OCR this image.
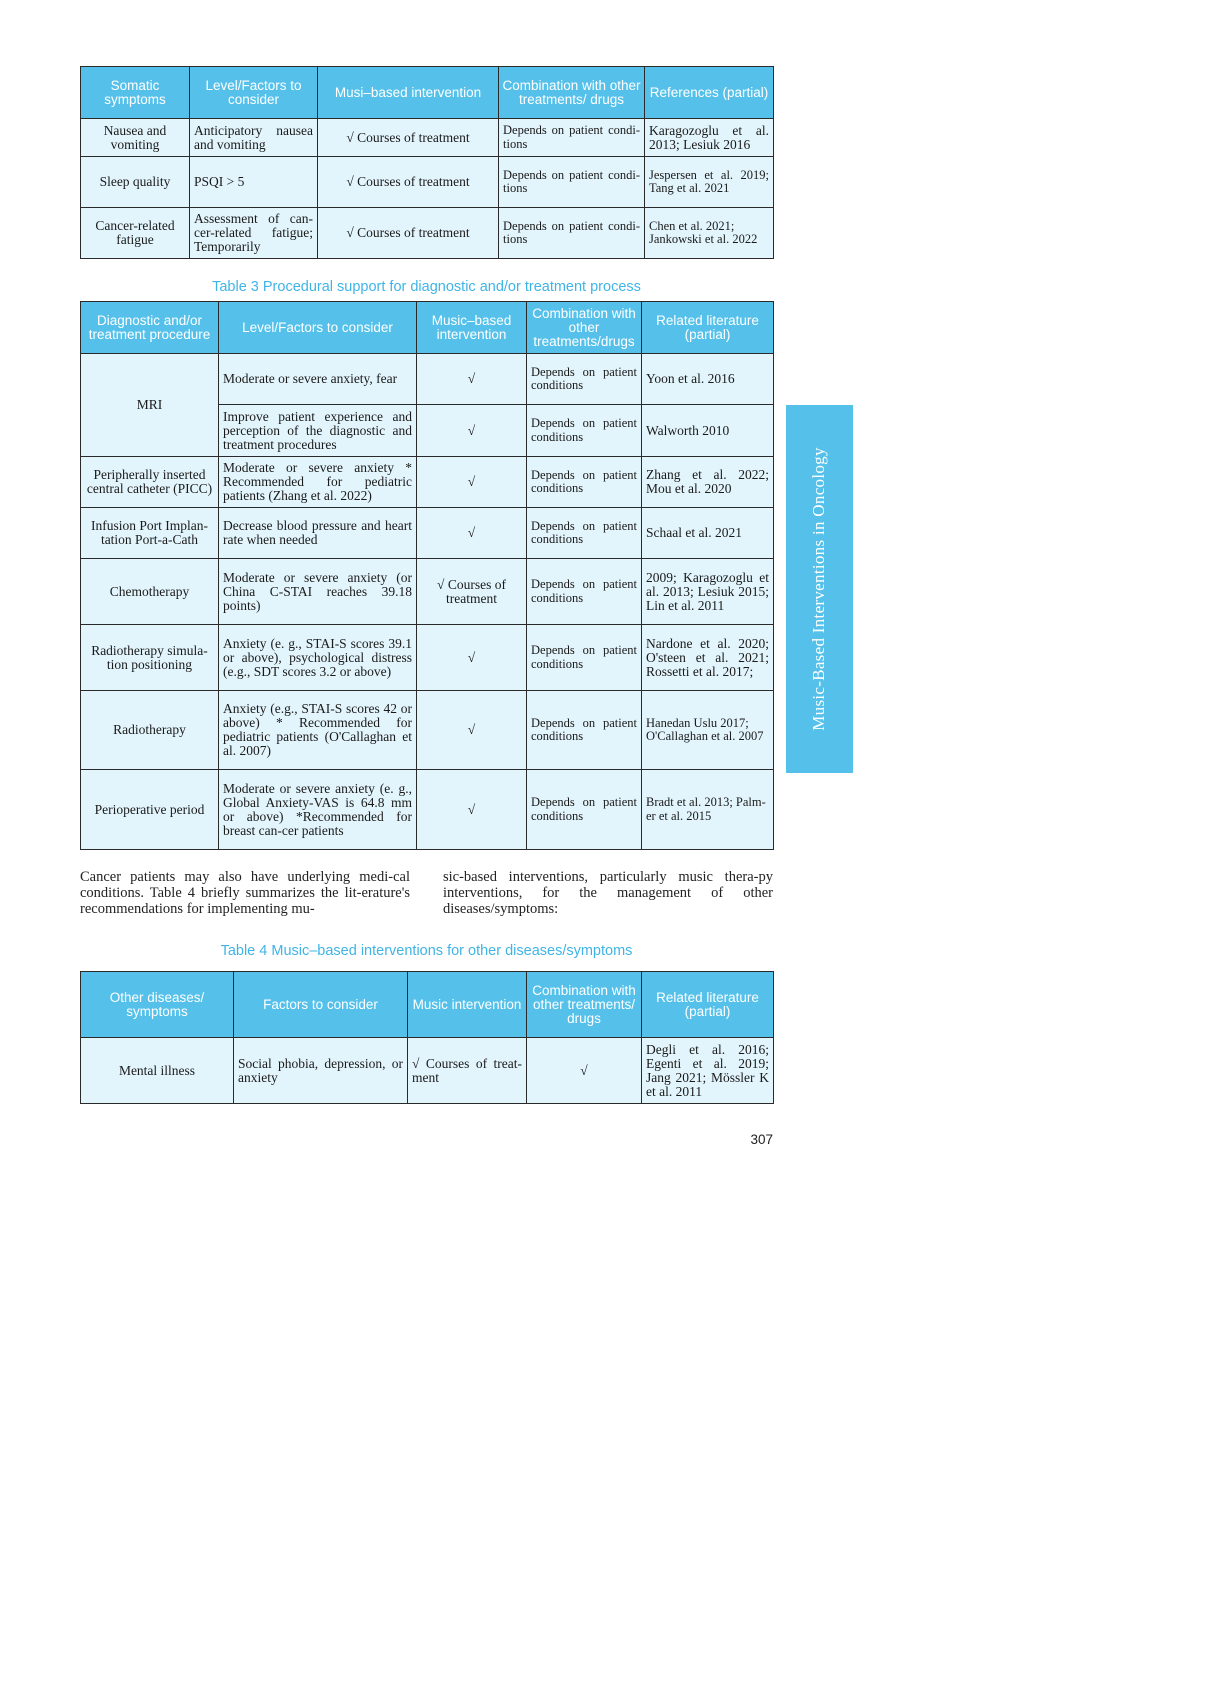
Somatic symptoms	Level/Factors to consider	Musi–based intervention	Combination with other treatments/ drugs	References (partial)
Nausea and vomiting	Anticipatory nausea and vomiting	√ Courses of treatment	Depends on patient condi-tions	Karagozoglu et al. 2013; Lesiuk 2016
Sleep quality	PSQI > 5	√ Courses of treatment	Depends on patient condi-tions	Jespersen et al. 2019; Tang et al. 2021
Cancer-related fatigue	Assessment of can-cer-related fatigue; Temporarily	√ Courses of treatment	Depends on patient condi-tions	Chen et al. 2021; Jankowski et al. 2022
Table 3 Procedural support for diagnostic and/or treatment process
Diagnostic and/or treatment procedure	Level/Factors to consider	Music–based intervention	Combination with other treatments/drugs	Related literature (partial)
MRI	Moderate or severe anxiety, fear	√	Depends on patient conditions	Yoon et al. 2016
	Improve patient experience and perception of the diagnostic and treatment procedures	√	Depends on patient conditions	Walworth 2010
Peripherally inserted central catheter (PICC)	Moderate or severe anxiety * Recommended for pediatric patients (Zhang et al. 2022)	√	Depends on patient conditions	Zhang et al. 2022; Mou et al. 2020
Infusion Port Implan-tation Port-a-Cath	Decrease blood pressure and heart rate when needed	√	Depends on patient conditions	Schaal et al. 2021
Chemotherapy	Moderate or severe anxiety (or China C-STAI reaches 39.18 points)	√ Courses of treatment	Depends on patient conditions	2009; Karagozoglu et al. 2013; Lesiuk 2015; Lin et al. 2011
Radiotherapy simula-tion positioning	Anxiety (e. g., STAI-S scores 39.1 or above), psychological distress (e.g., SDT scores 3.2 or above)	√	Depends on patient conditions	Nardone et al. 2020; O'steen et al. 2021; Rossetti et al. 2017;
Radiotherapy	Anxiety (e.g., STAI-S scores 42 or above) * Recommended for pediatric patients (O'Callaghan et al. 2007)	√	Depends on patient conditions	Hanedan Uslu 2017; O'Callaghan et al. 2007
Perioperative period	Moderate or severe anxiety (e. g., Global Anxiety-VAS is 64.8 mm or above) *Recommended for breast can-cer patients	√	Depends on patient conditions	Bradt et al. 2013; Palm-er et al. 2015
Cancer patients may also have underlying medi-cal conditions. Table 4 briefly summarizes the lit-erature's recommendations for implementing mu-
sic-based interventions, particularly music thera-py interventions, for the management of other diseases/symptoms:
Table 4 Music–based interventions for other diseases/symptoms
Other diseases/ symptoms	Factors to consider	Music intervention	Combination with other treatments/ drugs	Related literature (partial)
Mental illness	Social phobia, depression, or anxiety	√ Courses of treat-ment	√	Degli et al. 2016; Egenti et al. 2019; Jang 2021; Mössler K et al. 2011
Music-Based Interventions in Oncology
307
